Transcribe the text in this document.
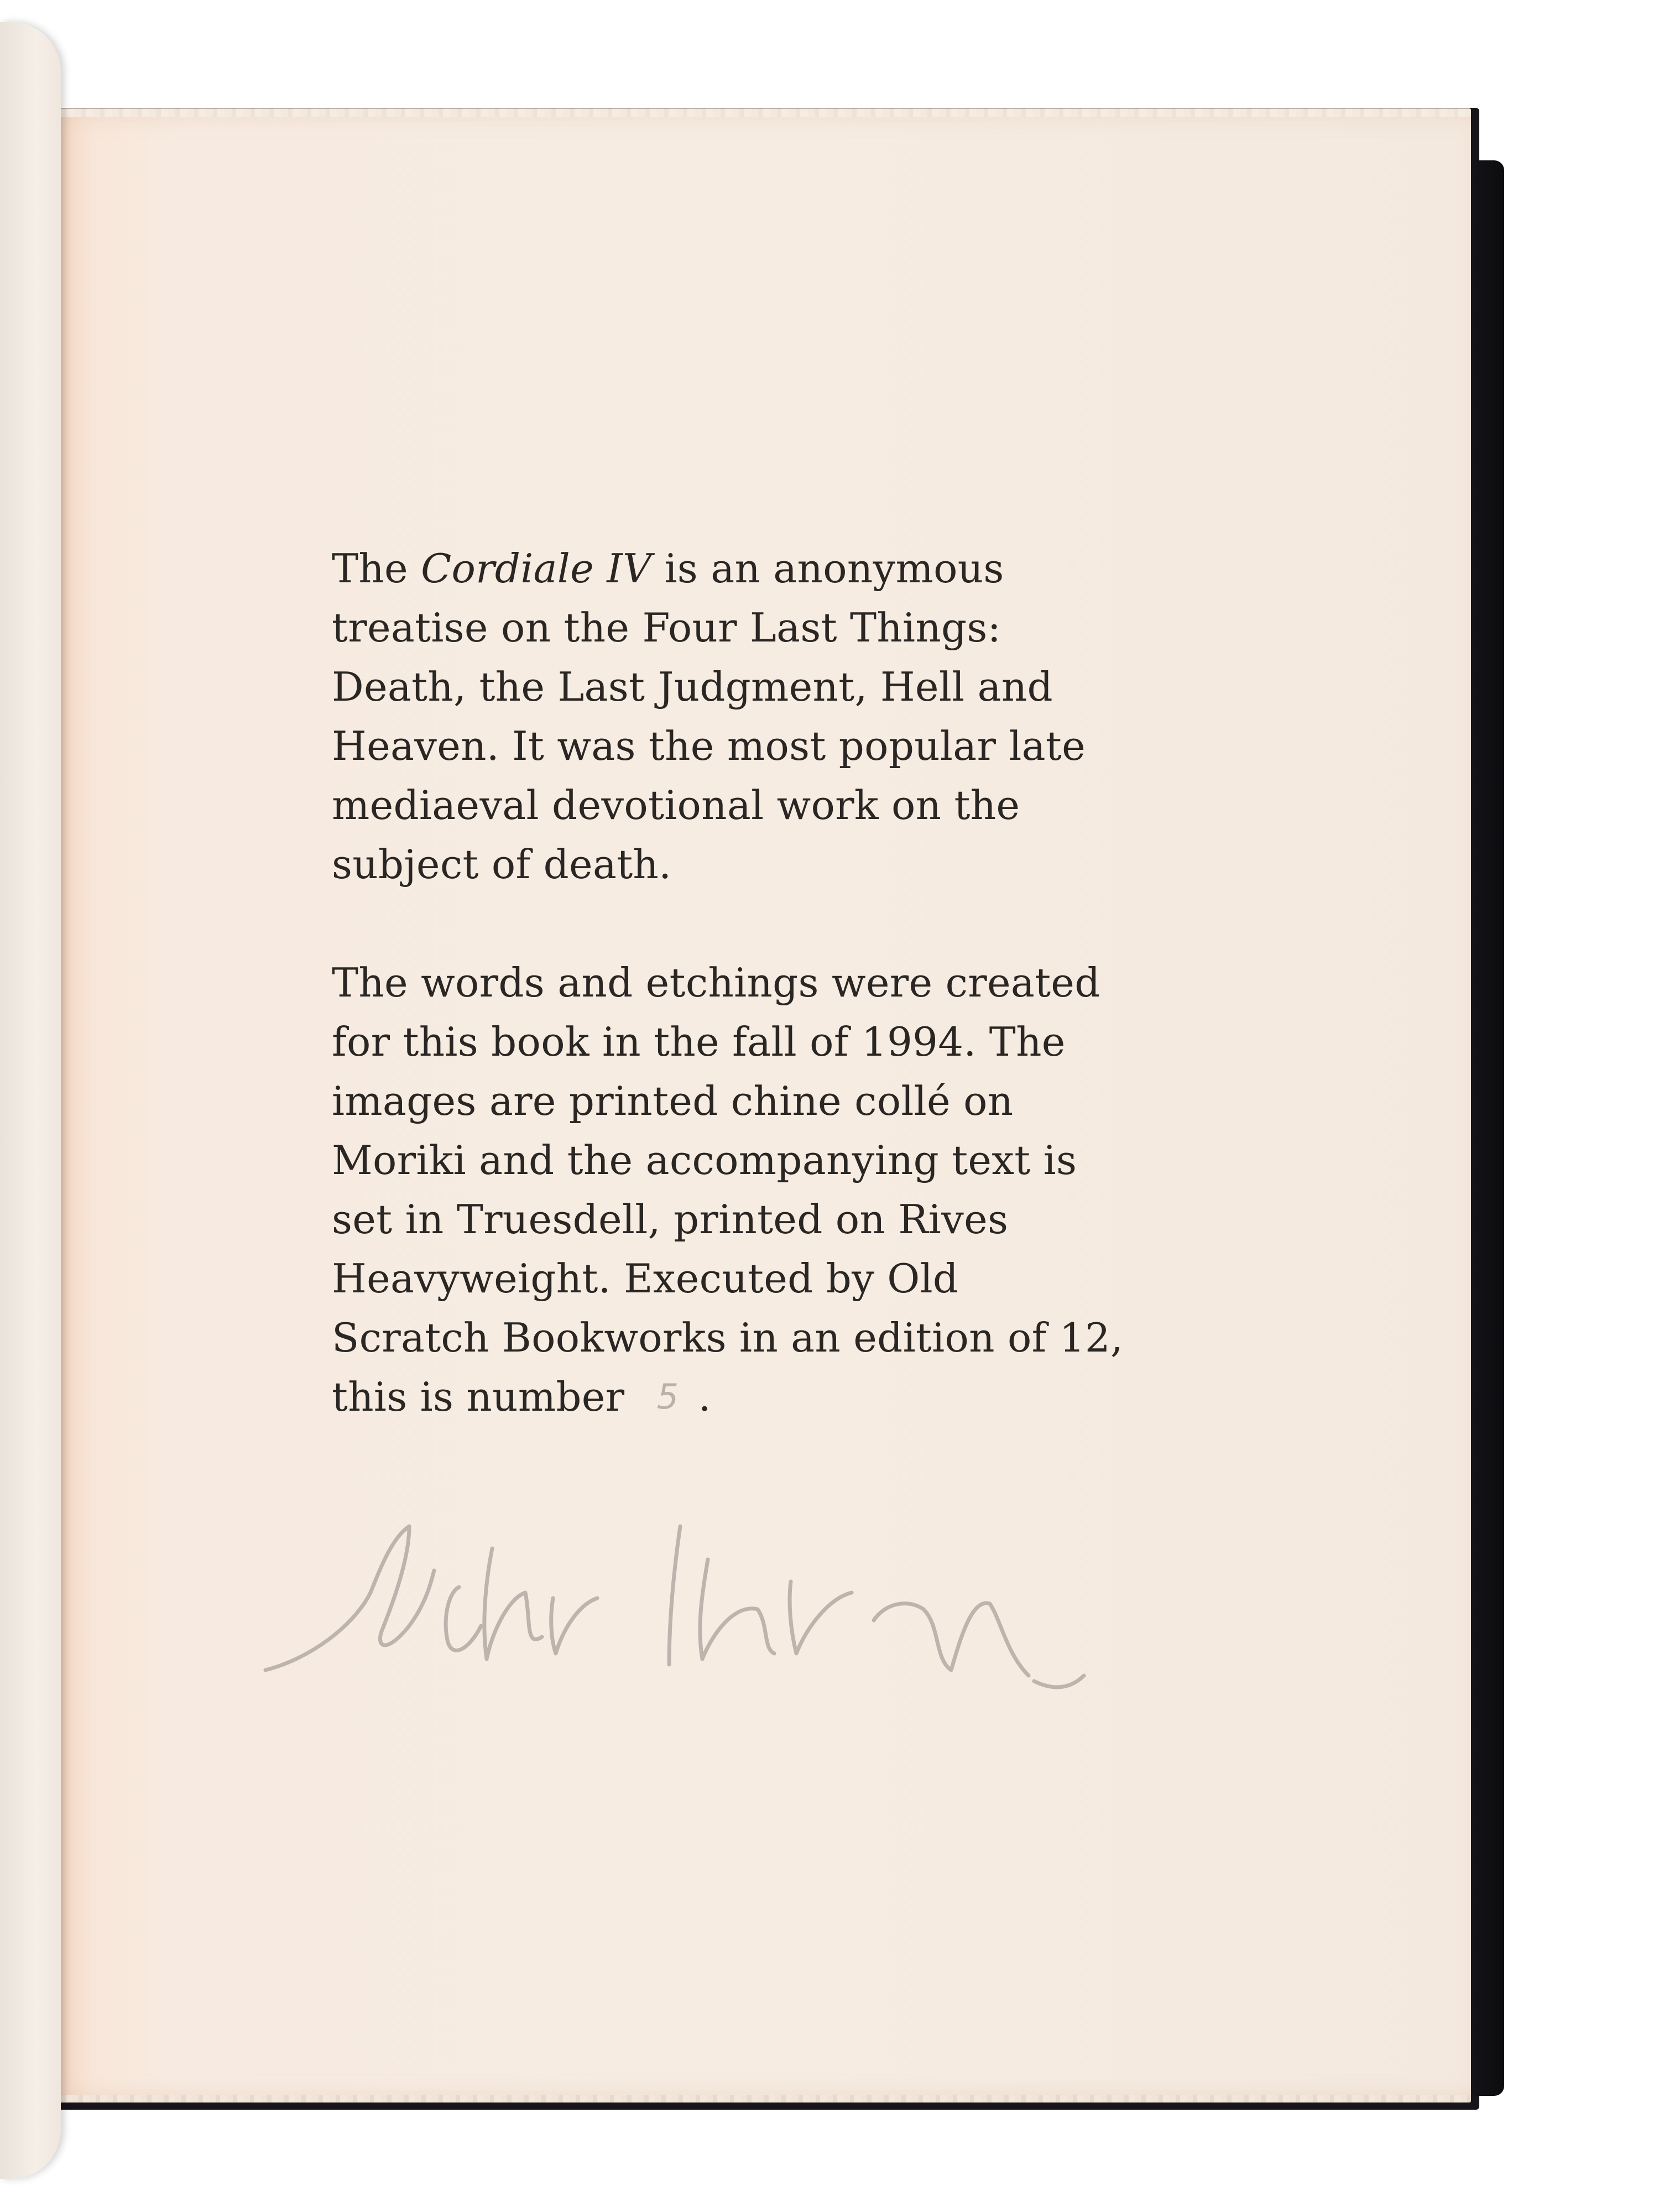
The Cordiale IV is an anonymous
treatise on the Four Last Things:
Death, the Last Judgment, Hell and
Heaven. It was the most popular late
mediaeval devotional work on the
subject of death.

The words and etchings were created
for this book in the fall of 1994. The
images are printed chine collé on
Moriki and the accompanying text is
set in Truesdell, printed on Rives
Heavyweight. Executed by Old
Scratch Bookworks in an edition of 12,
this is number 5 .
